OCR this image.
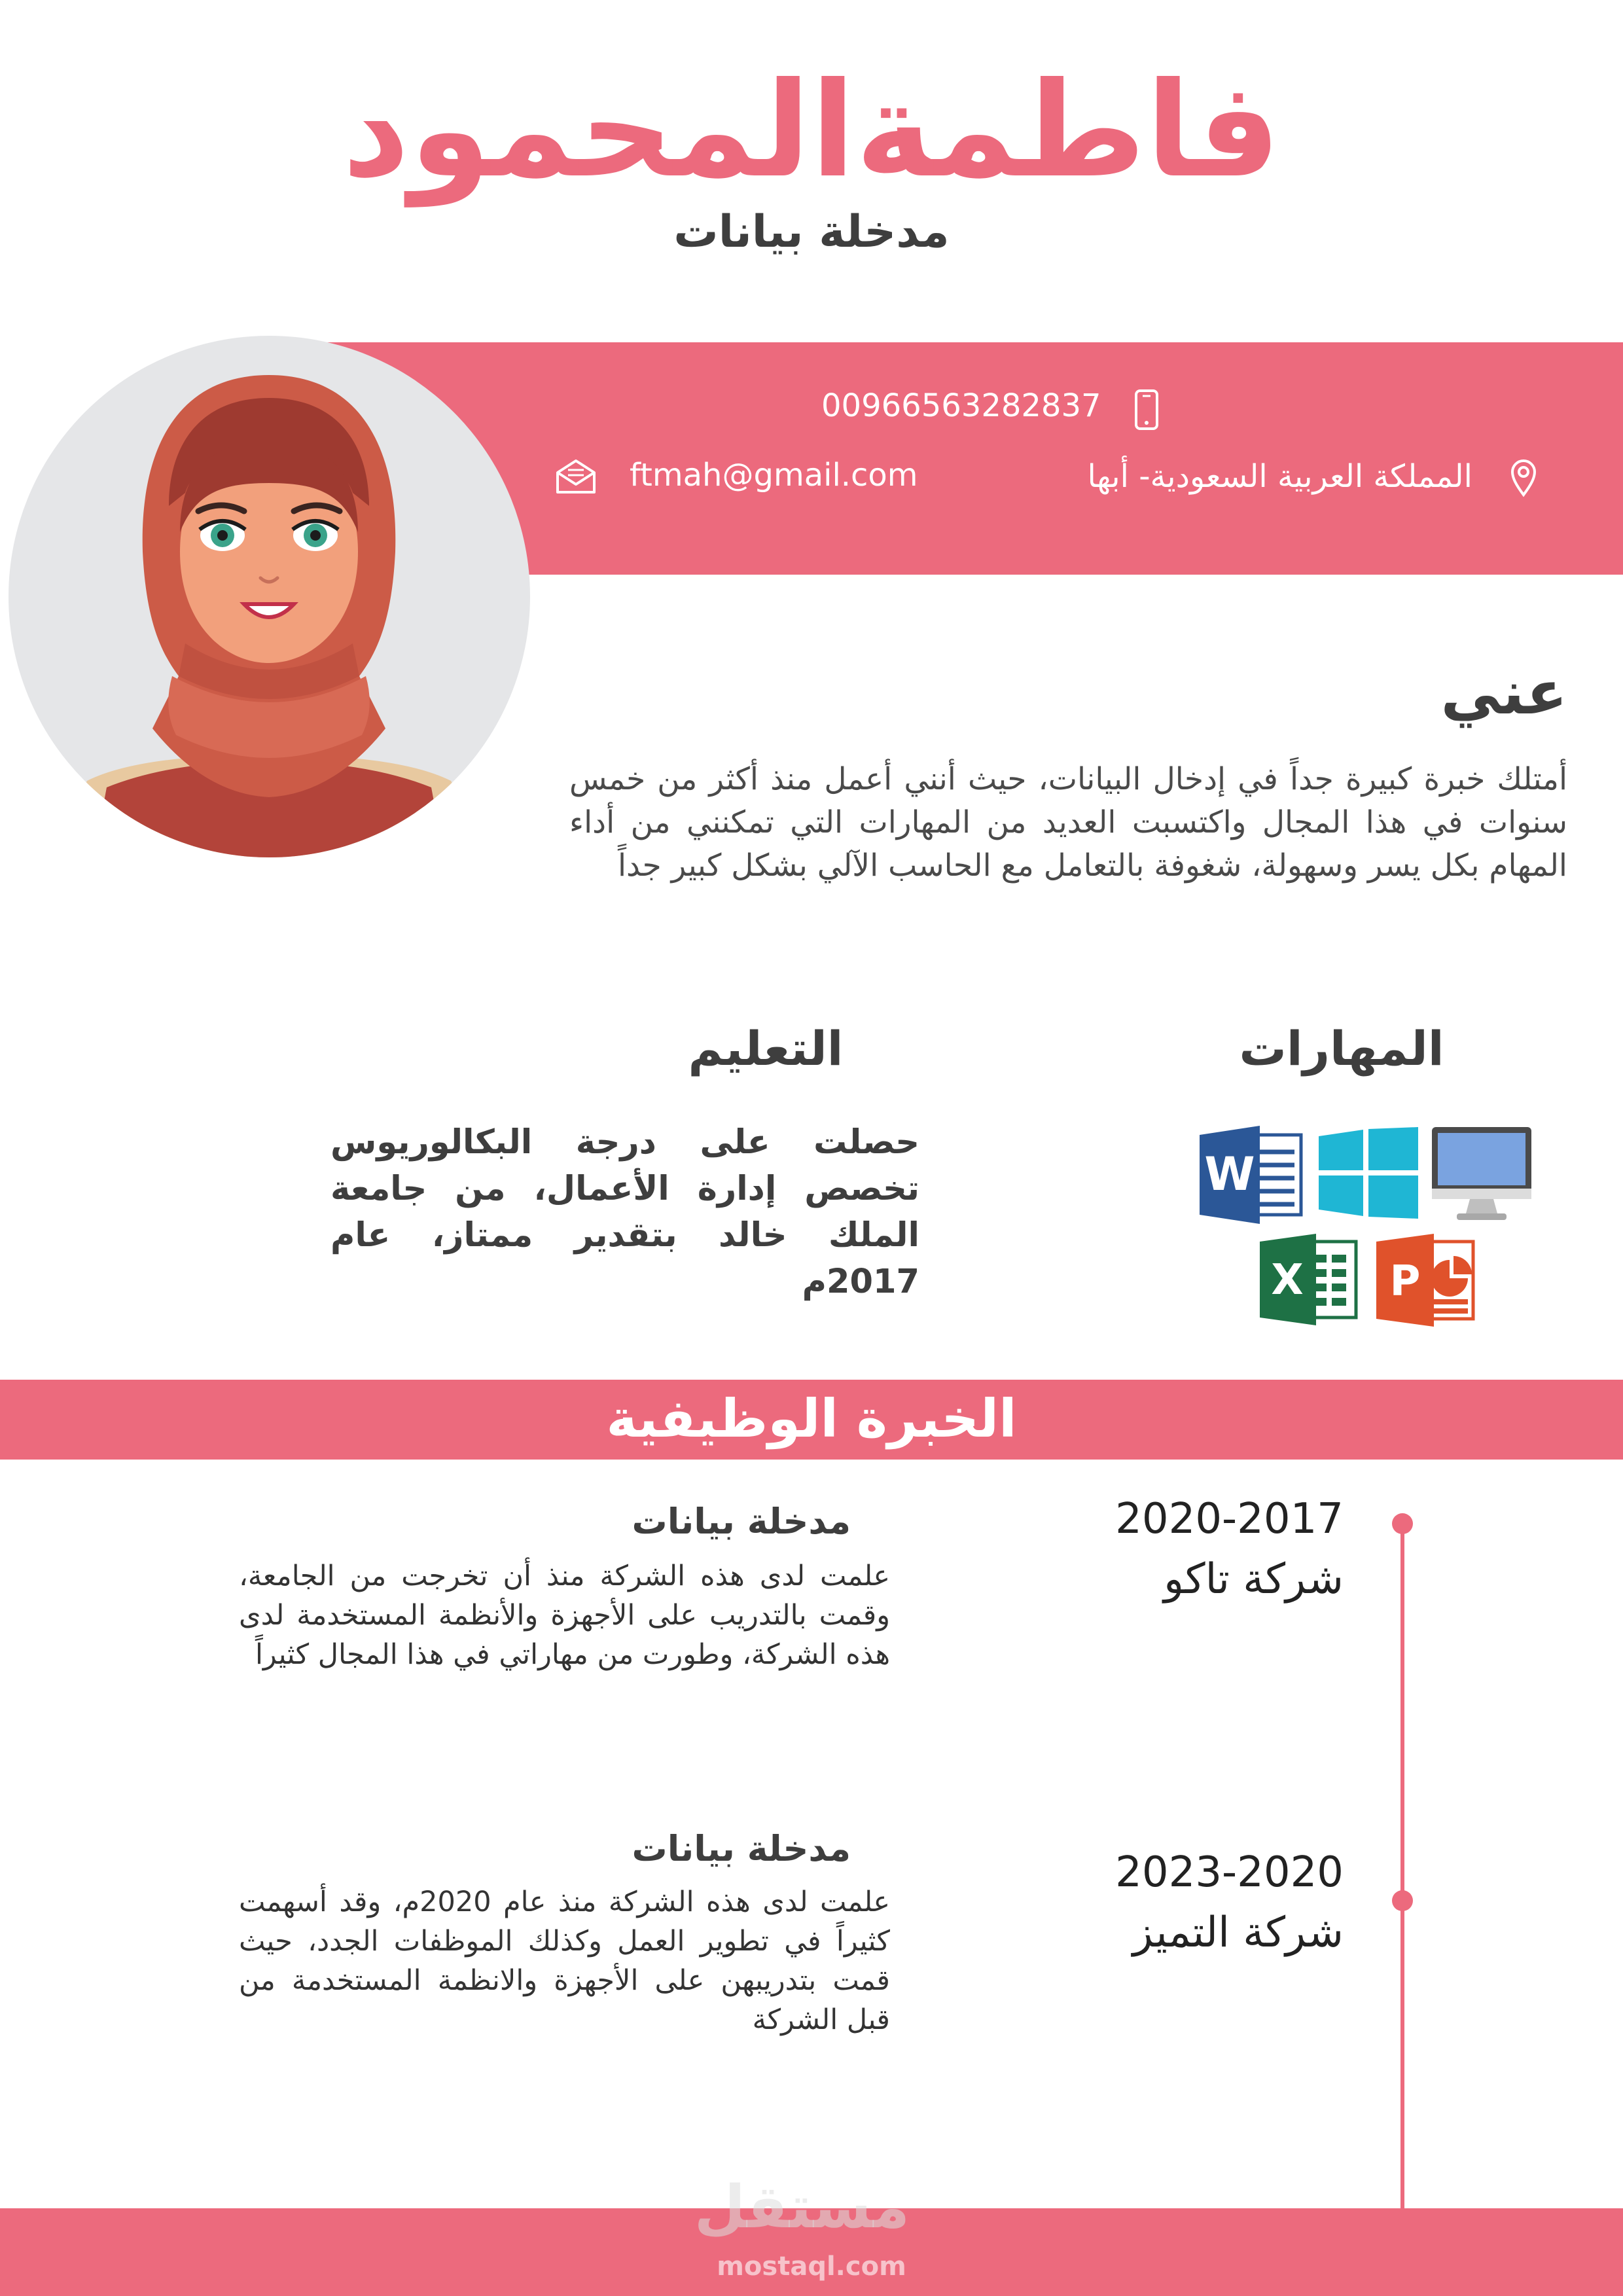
فاطمةالمحمود
مدخلة بيانات
00966563282837
المملكة العربية السعودية- أبها
ftmah@gmail.com
عني
أمتلك خبرة كبيرة جداً في إدخال البيانات، حيث أنني أعمل منذ أكثر من خمس سنوات في هذا المجال واكتسبت العديد من المهارات التي تمكنني من أداء المهام بكل يسر وسهولة، شغوفة بالتعامل مع الحاسب الآلي بشكل كبير جداً
المهارات
W
X P
التعليم
حصلت على درجة البكالوريوس تخصص إدارة الأعمال، من جامعة الملك خالد بتقدير ممتاز، عام 2017م
الخبرة الوظيفية
2020-2017
شركة تاكو
مدخلة بيانات
علمت لدى هذه الشركة منذ أن تخرجت من الجامعة، وقمت بالتدريب على الأجهزة والأنظمة المستخدمة لدى هذه الشركة، وطورت من مهاراتي في هذا المجال كثيراً
2023-2020
شركة التميز
مدخلة بيانات
علمت لدى هذه الشركة منذ عام 2020م، وقد أسهمت كثيراً في تطوير العمل وكذلك الموظفات الجدد، حيث قمت بتدريبهن على الأجهزة والانظمة المستخدمة من قبل الشركة
مستقل
mostaql.com
